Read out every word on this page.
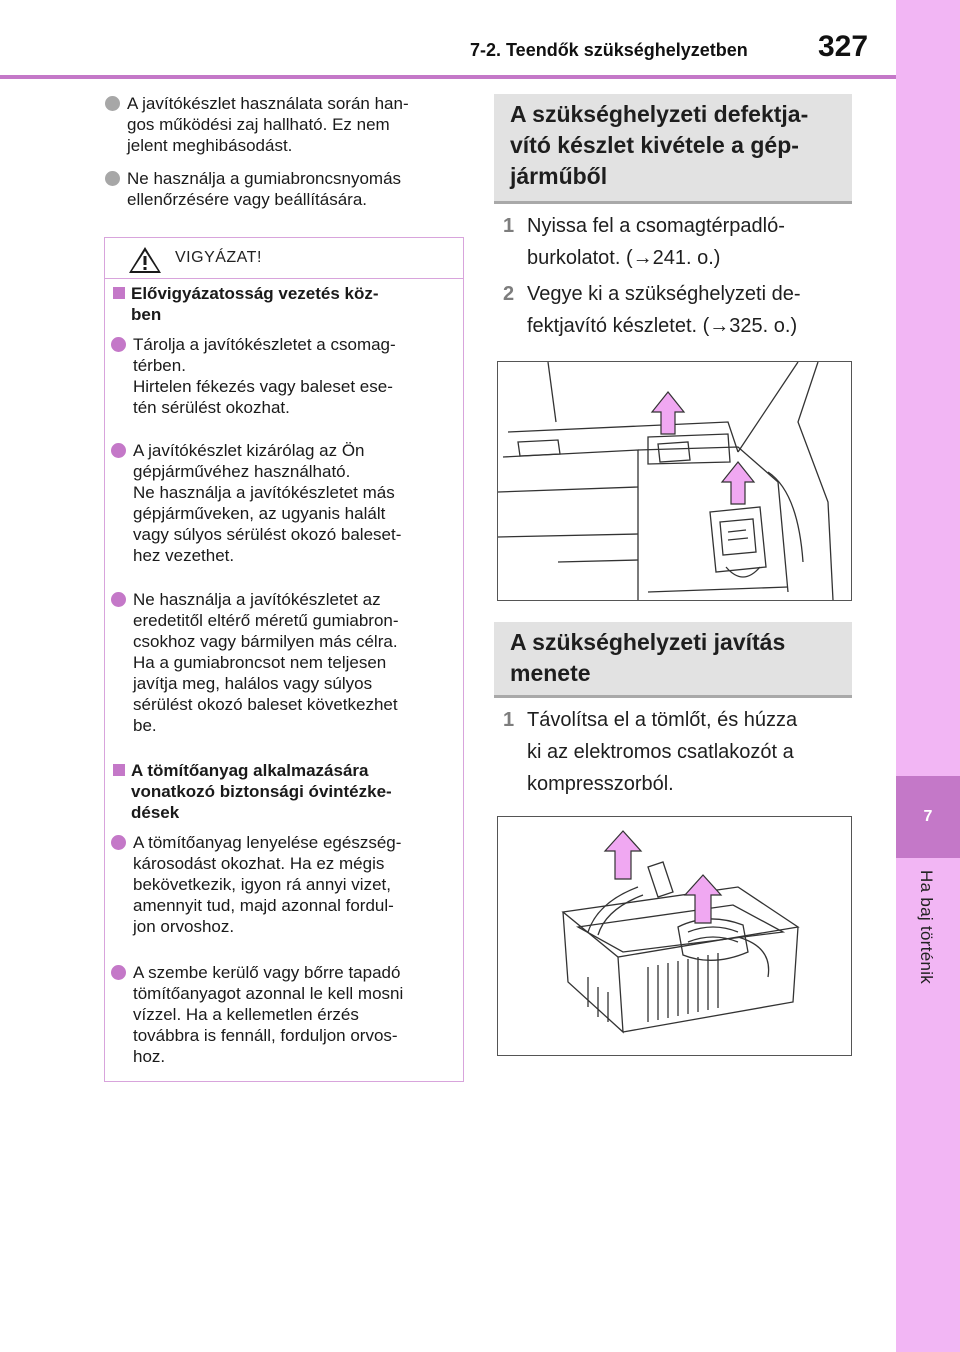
7-2. Teendők szükséghelyzetben 327
7
Ha baj történik
A javítókészlet használata során han-
gos működési zaj hallható. Ez nem
jelent meghibásodást.
Ne használja a gumiabroncsnyomás
ellenőrzésére vagy beállítására.
VIGYÁZAT!
Elővigyázatosság vezetés köz-
ben
Tárolja a javítókészletet a csomag-
térben.
Hirtelen fékezés vagy baleset ese-
tén sérülést okozhat.
A javítókészlet kizárólag az Ön
gépjárművéhez használható.
Ne használja a javítókészletet más
gépjárműveken, az ugyanis halált
vagy súlyos sérülést okozó baleset-
hez vezethet.
Ne használja a javítókészletet az
eredetitől eltérő méretű gumiabron-
csokhoz vagy bármilyen más célra.
Ha a gumiabroncsot nem teljesen
javítja meg, halálos vagy súlyos
sérülést okozó baleset következhet
be.
A tömítőanyag alkalmazására
vonatkozó biztonsági óvintézke-
dések
A tömítőanyag lenyelése egészség-
károsodást okozhat. Ha ez mégis
bekövetkezik, igyon rá annyi vizet,
amennyit tud, majd azonnal fordul-
jon orvoshoz.
A szembe kerülő vagy bőrre tapadó
tömítőanyagot azonnal le kell mosni
vízzel. Ha a kellemetlen érzés
továbbra is fennáll, forduljon orvos-
hoz.
A szükséghelyzeti defektja-
vító készlet kivétele a gép-
járműből
1 Nyissa fel a csomagtérpadló-
burkolatot. (→241. o.)
2 Vegye ki a szükséghelyzeti de-
fektjavító készletet. (→325. o.)
A szükséghelyzeti javítás
menete
1 Távolítsa el a tömlőt, és húzza
ki az elektromos csatlakozót a
kompresszorból.
